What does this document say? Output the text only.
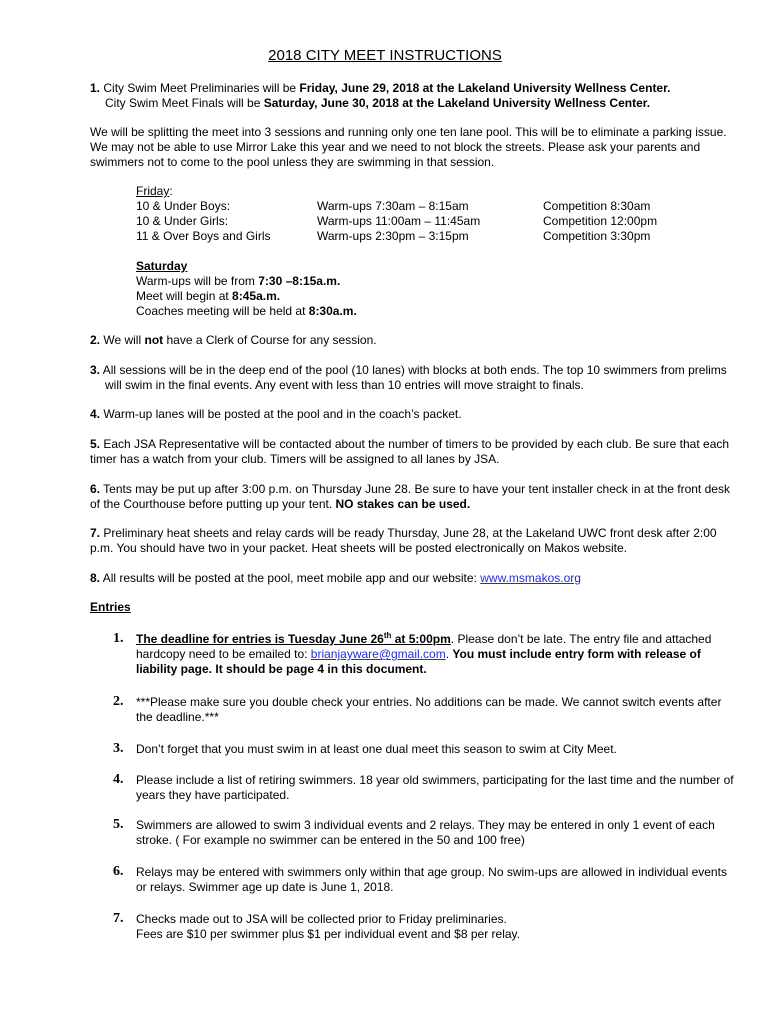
2018 CITY MEET INSTRUCTIONS
1. City Swim Meet Preliminaries will be Friday, June 29, 2018 at the Lakeland University Wellness Center.
City Swim Meet Finals will be Saturday, June 30, 2018 at the Lakeland University Wellness Center.
We will be splitting the meet into 3 sessions and running only one ten lane pool. This will be to eliminate a parking issue. We may not be able to use Mirror Lake this year and we need to not block the streets. Please ask your parents and swimmers not to come to the pool unless they are swimming in that session.
Friday:
10 & Under Boys:	Warm-ups 7:30am – 8:15am	Competition 8:30am
10 & Under Girls:	Warm-ups 11:00am – 11:45am	Competition 12:00pm
11 & Over Boys and Girls	Warm-ups 2:30pm – 3:15pm	Competition 3:30pm
Saturday
Warm-ups will be from 7:30 –8:15a.m.
Meet will begin at 8:45a.m.
Coaches meeting will be held at 8:30a.m.
2. We will not have a Clerk of Course for any session.
3. All sessions will be in the deep end of the pool (10 lanes) with blocks at both ends. The top 10 swimmers from prelims will swim in the final events. Any event with less than 10 entries will move straight to finals.
4. Warm-up lanes will be posted at the pool and in the coach’s packet.
5. Each JSA Representative will be contacted about the number of timers to be provided by each club. Be sure that each timer has a watch from your club. Timers will be assigned to all lanes by JSA.
6. Tents may be put up after 3:00 p.m. on Thursday June 28. Be sure to have your tent installer check in at the front desk of the Courthouse before putting up your tent. NO stakes can be used.
7. Preliminary heat sheets and relay cards will be ready Thursday, June 28, at the Lakeland UWC front desk after 2:00 p.m. You should have two in your packet. Heat sheets will be posted electronically on Makos website.
8. All results will be posted at the pool, meet mobile app and our website: www.msmakos.org
Entries
1. The deadline for entries is Tuesday June 26th at 5:00pm. Please don’t be late. The entry file and attached hardcopy need to be emailed to: brianjayware@gmail.com. You must include entry form with release of liability page. It should be page 4 in this document.
2. ***Please make sure you double check your entries. No additions can be made. We cannot switch events after the deadline.***
3. Don’t forget that you must swim in at least one dual meet this season to swim at City Meet.
4. Please include a list of retiring swimmers. 18 year old swimmers, participating for the last time and the number of years they have participated.
5. Swimmers are allowed to swim 3 individual events and 2 relays. They may be entered in only 1 event of each stroke. ( For example no swimmer can be entered in the 50 and 100 free)
6. Relays may be entered with swimmers only within that age group. No swim-ups are allowed in individual events or relays. Swimmer age up date is June 1, 2018.
7. Checks made out to JSA will be collected prior to Friday preliminaries.
Fees are $10 per swimmer plus $1 per individual event and $8 per relay.
